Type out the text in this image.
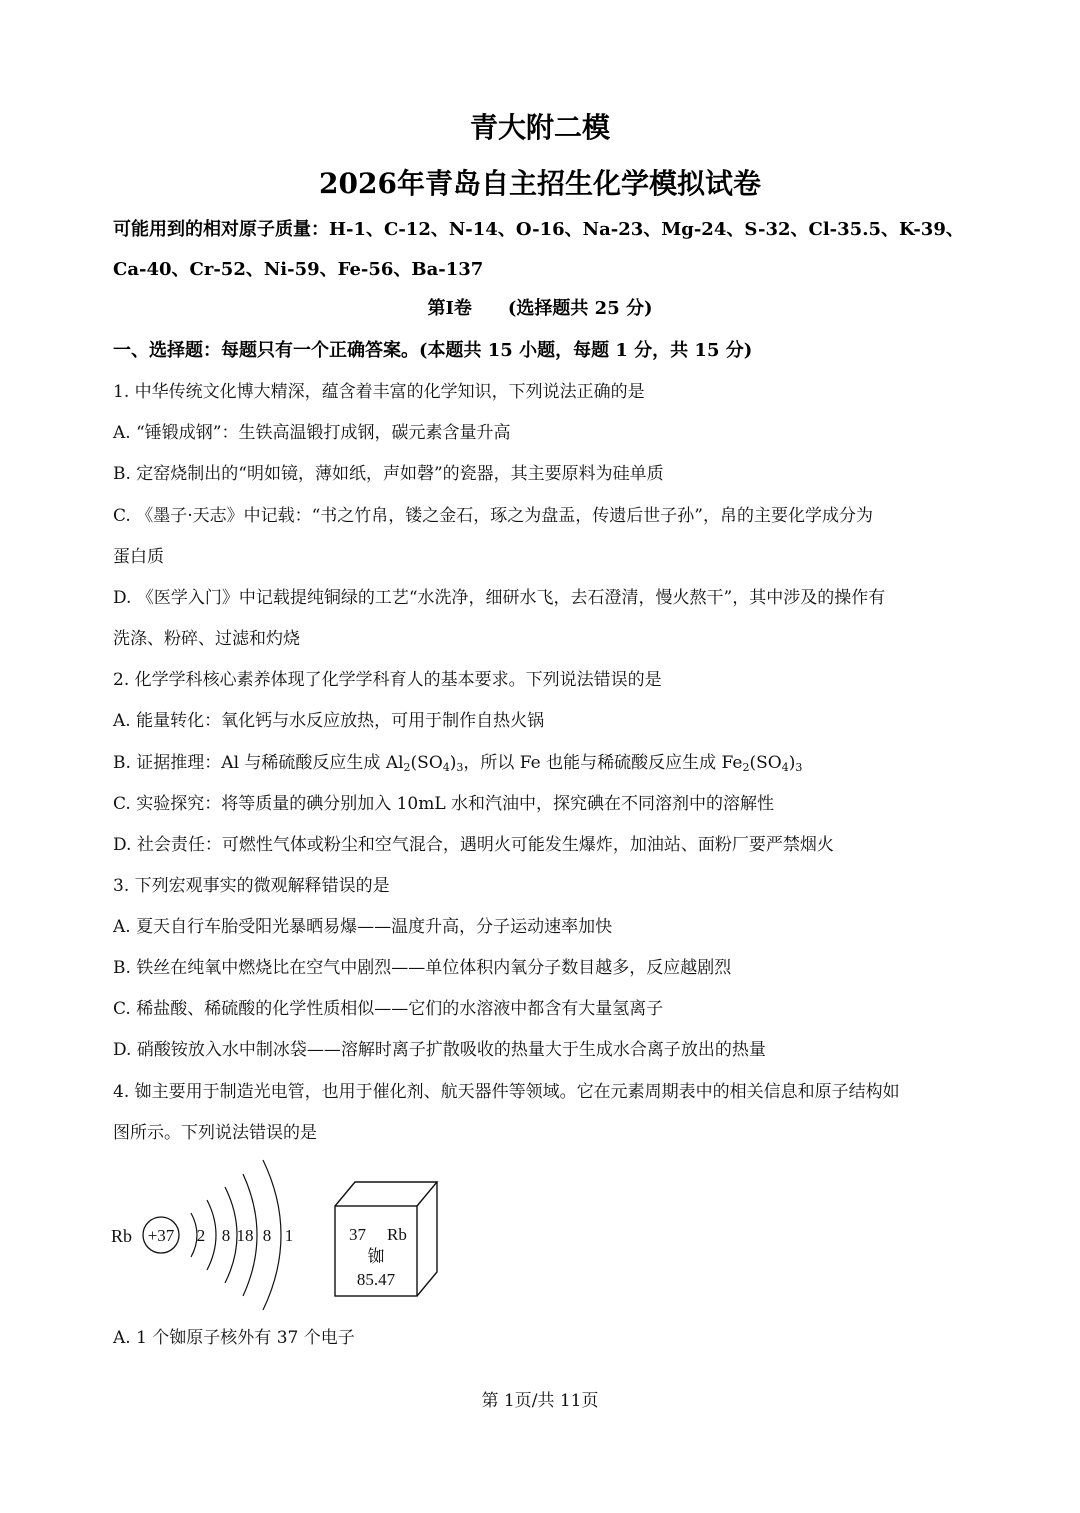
青大附二模
2026年青岛自主招生化学模拟试卷
可能用到的相对原子质量：H-1、C-12、N-14、O-16、Na-23、Mg-24、S-32、Cl-35.5、K-39、
Ca-40、Cr-52、Ni-59、Fe-56、Ba-137
第Ⅰ卷　　(选择题共 25 分)
一、选择题：每题只有一个正确答案。(本题共 15 小题，每题 1 分，共 15 分)
1. 中华传统文化博大精深，蕴含着丰富的化学知识，下列说法正确的是
A. “锤锻成钢”：生铁高温锻打成钢，碳元素含量升高
B. 定窑烧制出的“明如镜，薄如纸，声如磬”的瓷器，其主要原料为硅单质
C. 《墨子·天志》中记载：“书之竹帛，镂之金石，琢之为盘盂，传遗后世子孙”，帛的主要化学成分为
蛋白质
D. 《医学入门》中记载提纯铜绿的工艺“水洗净，细研水飞，去石澄清，慢火熬干”，其中涉及的操作有
洗涤、粉碎、过滤和灼烧
2. 化学学科核心素养体现了化学学科育人的基本要求。下列说法错误的是
A. 能量转化：氧化钙与水反应放热，可用于制作自热火锅
B. 证据推理：Al 与稀硫酸反应生成 $Al_2(SO_4)_3$，所以 Fe 也能与稀硫酸反应生成 $Fe_2(SO_4)_3$
C. 实验探究：将等质量的碘分别加入 10mL 水和汽油中，探究碘在不同溶剂中的溶解性
D. 社会责任：可燃性气体或粉尘和空气混合，遇明火可能发生爆炸，加油站、面粉厂要严禁烟火
3. 下列宏观事实的微观解释错误的是
A. 夏天自行车胎受阳光暴晒易爆——温度升高，分子运动速率加快
B. 铁丝在纯氧中燃烧比在空气中剧烈——单位体积内氧分子数目越多，反应越剧烈
C. 稀盐酸、稀硫酸的化学性质相似——它们的水溶液中都含有大量氢离子
D. 硝酸铵放入水中制冰袋——溶解时离子扩散吸收的热量大于生成水合离子放出的热量
4. 铷主要用于制造光电管，也用于催化剂、航天器件等领域。它在元素周期表中的相关信息和原子结构如
图所示。下列说法错误的是
Rb +37 2 8 18 8 1	37 Rb
铷
85.47
A. 1 个铷原子核外有 37 个电子
第 1页/共 11页
